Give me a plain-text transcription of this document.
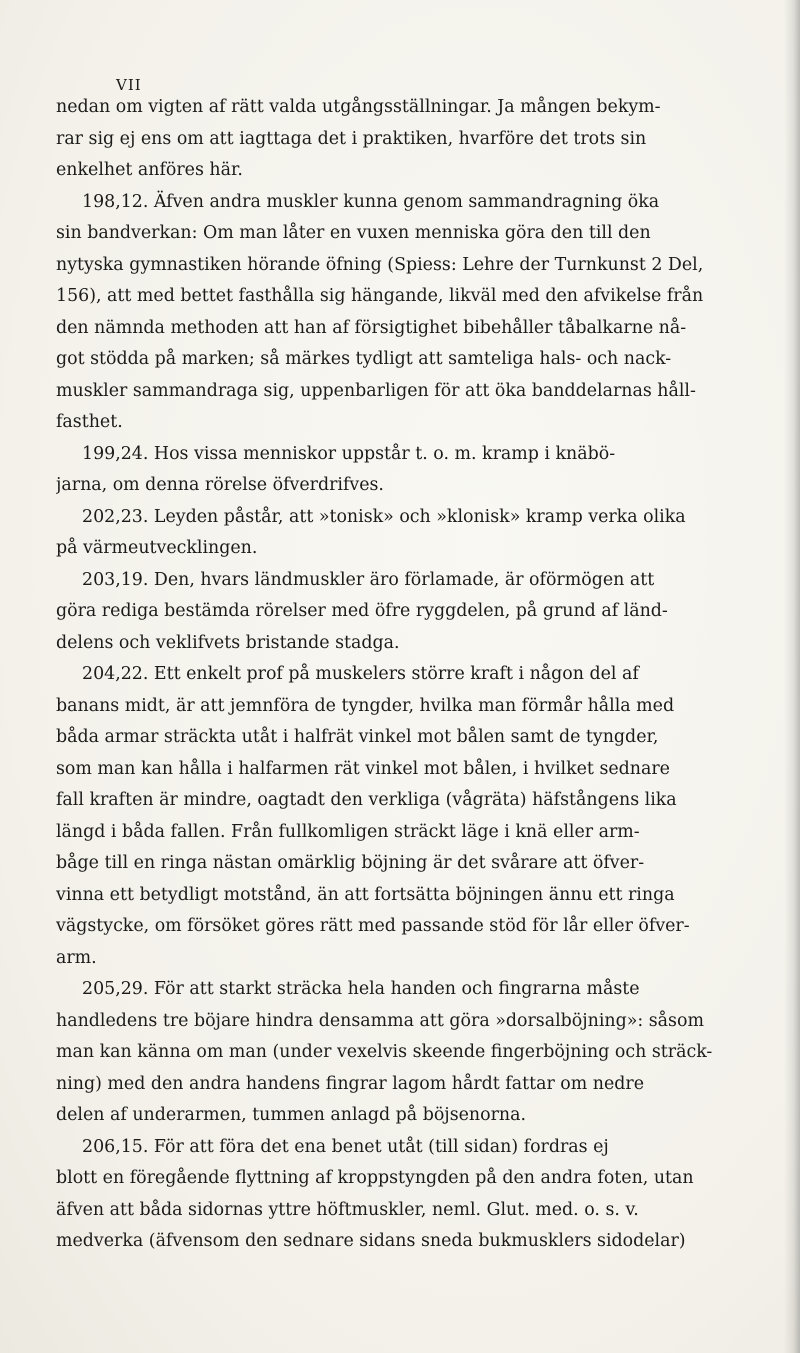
VII
nedan om vigten af rätt valda utgångsställningar. Ja mången bekym-
rar sig ej ens om att iagttaga det i praktiken, hvarföre det trots sin
enkelhet anföres här.
198,12. Äfven andra muskler kunna genom sammandragning öka
sin bandverkan: Om man låter en vuxen menniska göra den till den
nytyska gymnastiken hörande öfning (Spiess: Lehre der Turnkunst 2 Del,
156), att med bettet fasthålla sig hängande, likväl med den afvikelse från
den nämnda methoden att han af försigtighet bibehåller tåbalkarne nå-
got stödda på marken; så märkes tydligt att samteliga hals- och nack-
muskler sammandraga sig, uppenbarligen för att öka banddelarnas håll-
fasthet.
199,24. Hos vissa menniskor uppstår t. o. m. kramp i knäbö-
jarna, om denna rörelse öfverdrifves.
202,23. Leyden påstår, att »tonisk» och »klonisk» kramp verka olika
på värmeutvecklingen.
203,19. Den, hvars ländmuskler äro förlamade, är oförmögen att
göra rediga bestämda rörelser med öfre ryggdelen, på grund af länd-
delens och veklifvets bristande stadga.
204,22. Ett enkelt prof på muskelers större kraft i någon del af
banans midt, är att jemnföra de tyngder, hvilka man förmår hålla med
båda armar sträckta utåt i halfrät vinkel mot bålen samt de tyngder,
som man kan hålla i halfarmen rät vinkel mot bålen, i hvilket sednare
fall kraften är mindre, oagtadt den verkliga (vågräta) häfstångens lika
längd i båda fallen. Från fullkomligen sträckt läge i knä eller arm-
båge till en ringa nästan omärklig böjning är det svårare att öfver-
vinna ett betydligt motstånd, än att fortsätta böjningen ännu ett ringa
vägstycke, om försöket göres rätt med passande stöd för lår eller öfver-
arm.
205,29. För att starkt sträcka hela handen och fingrarna måste
handledens tre böjare hindra densamma att göra »dorsalböjning»: såsom
man kan känna om man (under vexelvis skeende fingerböjning och sträck-
ning) med den andra handens fingrar lagom hårdt fattar om nedre
delen af underarmen, tummen anlagd på böjsenorna.
206,15. För att föra det ena benet utåt (till sidan) fordras ej
blott en föregående flyttning af kroppstyngden på den andra foten, utan
äfven att båda sidornas yttre höftmuskler, neml. Glut. med. o. s. v.
medverka (äfvensom den sednare sidans sneda bukmusklers sidodelar)
